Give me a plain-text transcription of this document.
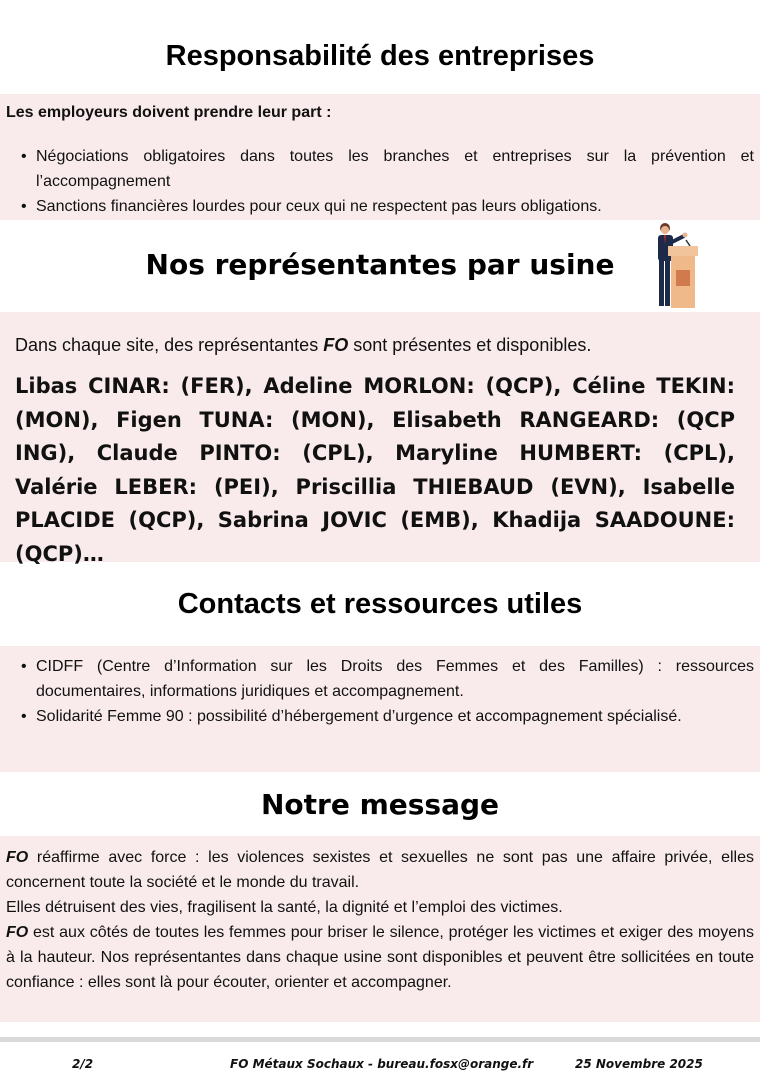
Responsabilité des entreprises
Les employeurs doivent prendre leur part :
• Négociations obligatoires dans toutes les branches et entreprises sur la prévention et l’accompagnement
• Sanctions financières lourdes pour ceux qui ne respectent pas leurs obligations.
Nos représentantes par usine
Dans chaque site, des représentantes FO sont présentes et disponibles.
Libas CINAR: (FER), Adeline MORLON: (QCP), Céline TEKIN: (MON), Figen TUNA: (MON), Elisabeth RANGEARD: (QCP ING), Claude PINTO: (CPL), Maryline HUMBERT: (CPL), Valérie LEBER: (PEI), Priscillia THIEBAUD (EVN), Isabelle PLACIDE (QCP), Sabrina JOVIC (EMB), Khadija SAADOUNE: (QCP)…
Contacts et ressources utiles
• CIDFF (Centre d’Information sur les Droits des Femmes et des Familles) : ressources documentaires, informations juridiques et accompagnement.
• Solidarité Femme 90 : possibilité d’hébergement d’urgence et accompagnement spécialisé.
Notre message

FO réaffirme avec force : les violences sexistes et sexuelles ne sont pas une affaire privée, elles concernent toute la société et le monde du travail.

Elles détruisent des vies, fragilisent la santé, la dignité et l’emploi des victimes.

FO est aux côtés de toutes les femmes pour briser le silence, protéger les victimes et exiger des moyens à la hauteur. Nos représentantes dans chaque usine sont disponibles et peuvent être sollicitées en toute confiance : elles sont là pour écouter, orienter et accompagner.

2/2	FO Métaux Sochaux - bureau.fosx@orange.fr	25 Novembre 2025
